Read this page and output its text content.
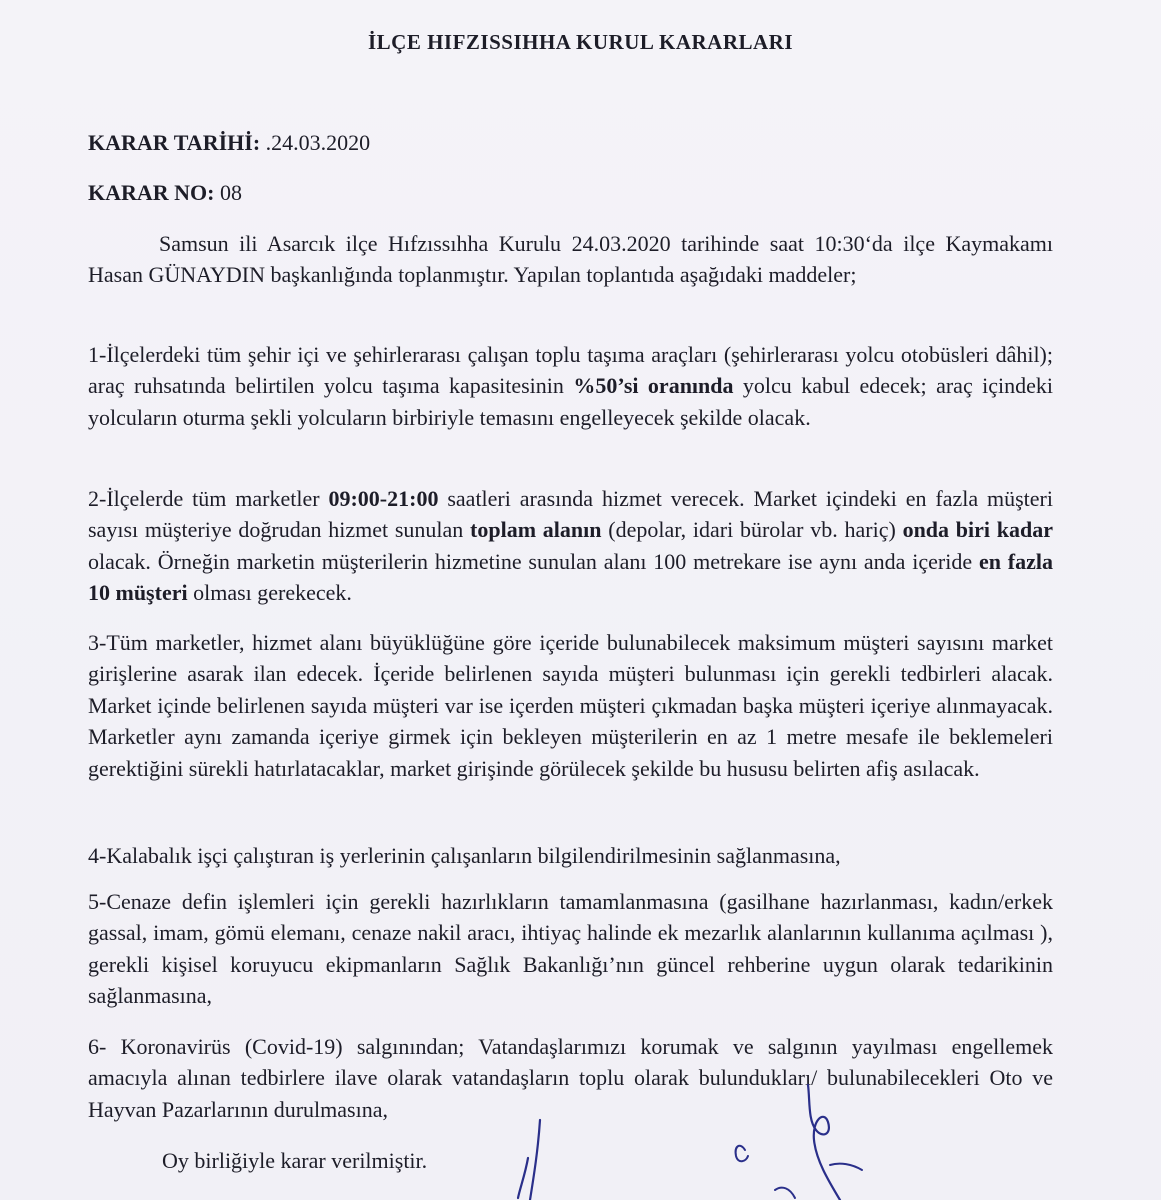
İLÇE HIFZISSIHHA KURUL KARARLARI
KARAR TARİHİ: .24.03.2020
KARAR NO: 08
Samsun ili Asarcık ilçe Hıfzıssıhha Kurulu 24.03.2020 tarihinde saat 10:30‘da ilçe Kaymakamı Hasan GÜNAYDIN başkanlığında toplanmıştır. Yapılan toplantıda aşağıdaki maddeler;
1-İlçelerdeki tüm şehir içi ve şehirlerarası çalışan toplu taşıma araçları (şehirlerarası yolcu otobüsleri dâhil); araç ruhsatında belirtilen yolcu taşıma kapasitesinin %50’si oranında yolcu kabul edecek; araç içindeki yolcuların oturma şekli yolcuların birbiriyle temasını engelleyecek şekilde olacak.
2-İlçelerde tüm marketler 09:00-21:00 saatleri arasında hizmet verecek. Market içindeki en fazla müşteri sayısı müşteriye doğrudan hizmet sunulan toplam alanın (depolar, idari bürolar vb. hariç) onda biri kadar olacak. Örneğin marketin müşterilerin hizmetine sunulan alanı 100 metrekare ise aynı anda içeride en fazla 10 müşteri olması gerekecek.
3-Tüm marketler, hizmet alanı büyüklüğüne göre içeride bulunabilecek maksimum müşteri sayısını market girişlerine asarak ilan edecek. İçeride belirlenen sayıda müşteri bulunması için gerekli tedbirleri alacak. Market içinde belirlenen sayıda müşteri var ise içerden müşteri çıkmadan başka müşteri içeriye alınmayacak. Marketler aynı zamanda içeriye girmek için bekleyen müşterilerin en az 1 metre mesafe ile beklemeleri gerektiğini sürekli hatırlatacaklar, market girişinde görülecek şekilde bu hususu belirten afiş asılacak.
4-Kalabalık işçi çalıştıran iş yerlerinin çalışanların bilgilendirilmesinin sağlanmasına,
5-Cenaze defin işlemleri için gerekli hazırlıkların tamamlanmasına (gasilhane hazırlanması, kadın/erkek gassal, imam, gömü elemanı, cenaze nakil aracı, ihtiyaç halinde ek mezarlık alanlarının kullanıma açılması ), gerekli kişisel koruyucu ekipmanların Sağlık Bakanlığı’nın güncel rehberine uygun olarak tedarikinin sağlanmasına,
6- Koronavirüs (Covid-19) salgınından; Vatandaşlarımızı korumak ve salgının yayılması engellemek amacıyla alınan tedbirlere ilave olarak vatandaşların toplu olarak bulundukları/ bulunabilecekleri Oto ve Hayvan Pazarlarının durulmasına,
Oy birliğiyle karar verilmiştir.
